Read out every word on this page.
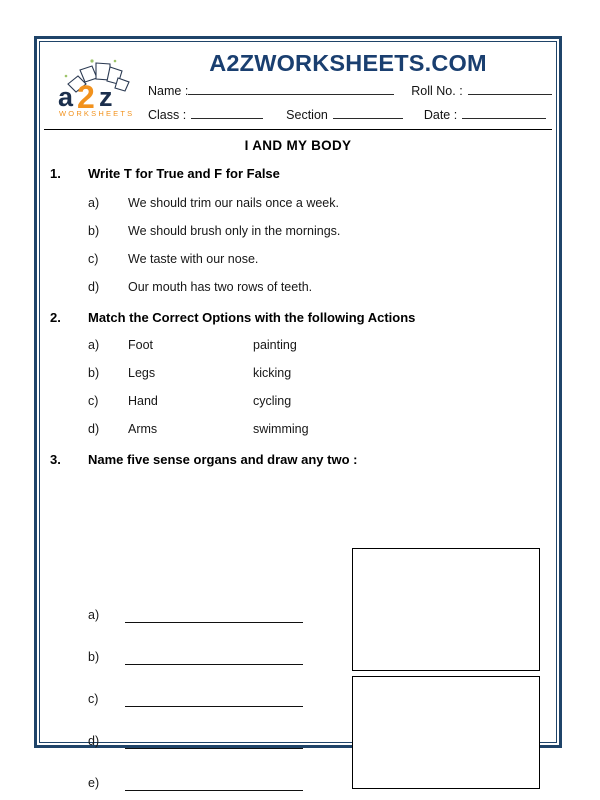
a 2 z
WORKSHEETS
A2ZWORKSHEETS.COM
Name :	Roll No. :
Class :	Section	Date :
I AND MY BODY
1. Write T for True and F for False
a) We should trim our nails once a week.
b) We should brush only in the mornings.
c) We taste with our nose.
d) Our mouth has two rows of teeth.
2. Match the Correct Options with the following Actions
a) Foot	painting
b) Legs	kicking
c) Hand	cycling
d) Arms	swimming
3. Name five sense organs and draw any two :
a)
b)
c)
d)
e)
